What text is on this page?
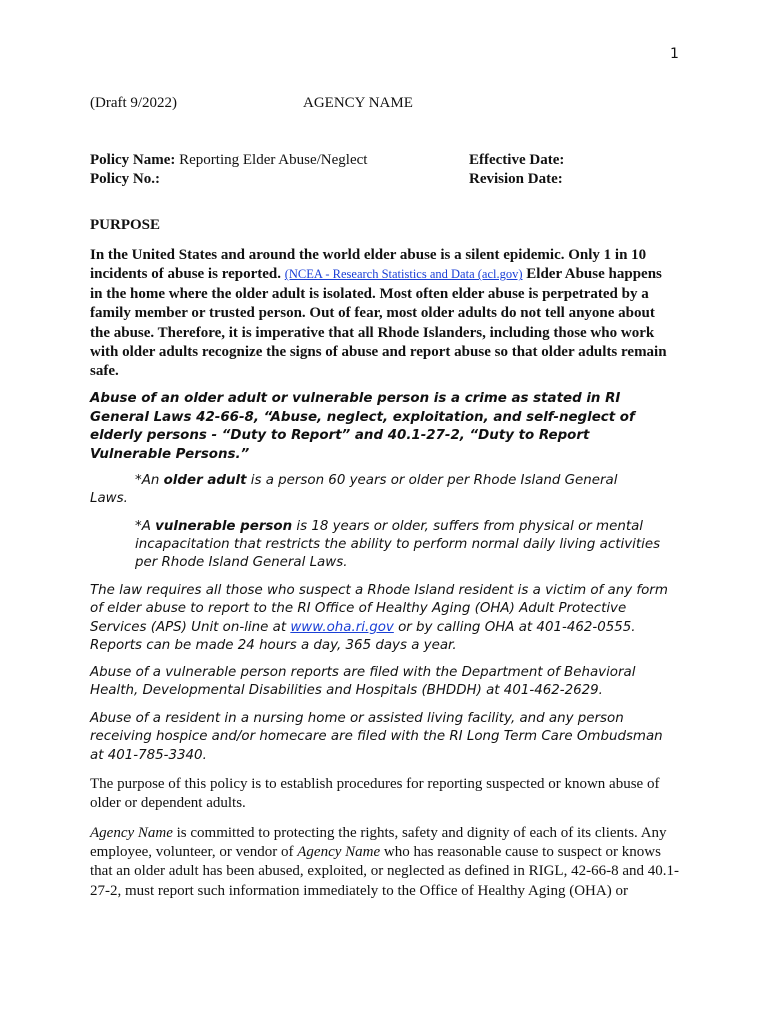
1
(Draft 9/2022)	AGENCY NAME
Policy Name: Reporting Elder Abuse/Neglect
Policy No.:
Effective Date:
Revision Date:
PURPOSE

In the United States and around the world elder abuse is a silent epidemic. Only 1 in 10 incidents of abuse is reported. (NCEA - Research Statistics and Data (acl.gov) Elder Abuse happens in the home where the older adult is isolated. Most often elder abuse is perpetrated by a family member or trusted person. Out of fear, most older adults do not tell anyone about the abuse. Therefore, it is imperative that all Rhode Islanders, including those who work with older adults recognize the signs of abuse and report abuse so that older adults remain safe.

Abuse of an older adult or vulnerable person is a crime as stated in RI General Laws 42-66-8, “Abuse, neglect, exploitation, and self-neglect of elderly persons - “Duty to Report” and 40.1-27-2, “Duty to Report Vulnerable Persons.”

*An older adult is a person 60 years or older per Rhode Island General Laws.

*A vulnerable person is 18 years or older, suffers from physical or mental incapacitation that restricts the ability to perform normal daily living activities per Rhode Island General Laws.

The law requires all those who suspect a Rhode Island resident is a victim of any form of elder abuse to report to the RI Office of Healthy Aging (OHA) Adult Protective Services (APS) Unit on-line at www.oha.ri.gov or by calling OHA at 401-462-0555. Reports can be made 24 hours a day, 365 days a year.

Abuse of a vulnerable person reports are filed with the Department of Behavioral Health, Developmental Disabilities and Hospitals (BHDDH) at 401-462-2629.

Abuse of a resident in a nursing home or assisted living facility, and any person receiving hospice and/or homecare are filed with the RI Long Term Care Ombudsman at 401-785-3340.

The purpose of this policy is to establish procedures for reporting suspected or known abuse of older or dependent adults.

Agency Name is committed to protecting the rights, safety and dignity of each of its clients. Any employee, volunteer, or vendor of Agency Name who has reasonable cause to suspect or knows that an older adult has been abused, exploited, or neglected as defined in RIGL, 42-66-8 and 40.1-27-2, must report such information immediately to the Office of Healthy Aging (OHA) or
